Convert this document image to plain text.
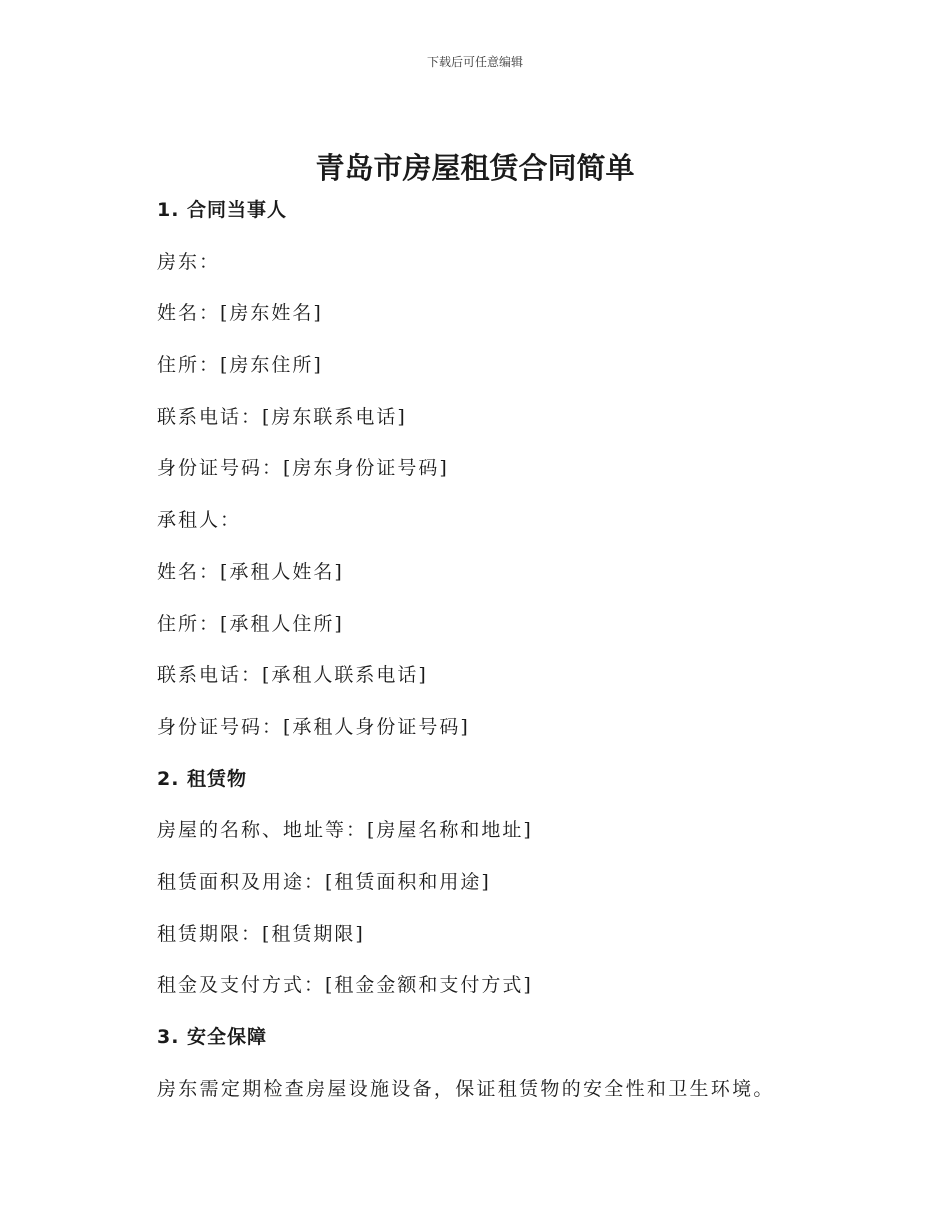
下载后可任意编辑
青岛市房屋租赁合同简单
1. 合同当事人
房东：
姓名：[房东姓名]
住所：[房东住所]
联系电话：[房东联系电话]
身份证号码：[房东身份证号码]
承租人：
姓名：[承租人姓名]
住所：[承租人住所]
联系电话：[承租人联系电话]
身份证号码：[承租人身份证号码]
2. 租赁物
房屋的名称、地址等：[房屋名称和地址]
租赁面积及用途：[租赁面积和用途]
租赁期限：[租赁期限]
租金及支付方式：[租金金额和支付方式]
3. 安全保障
房东需定期检查房屋设施设备，保证租赁物的安全性和卫生环境。
